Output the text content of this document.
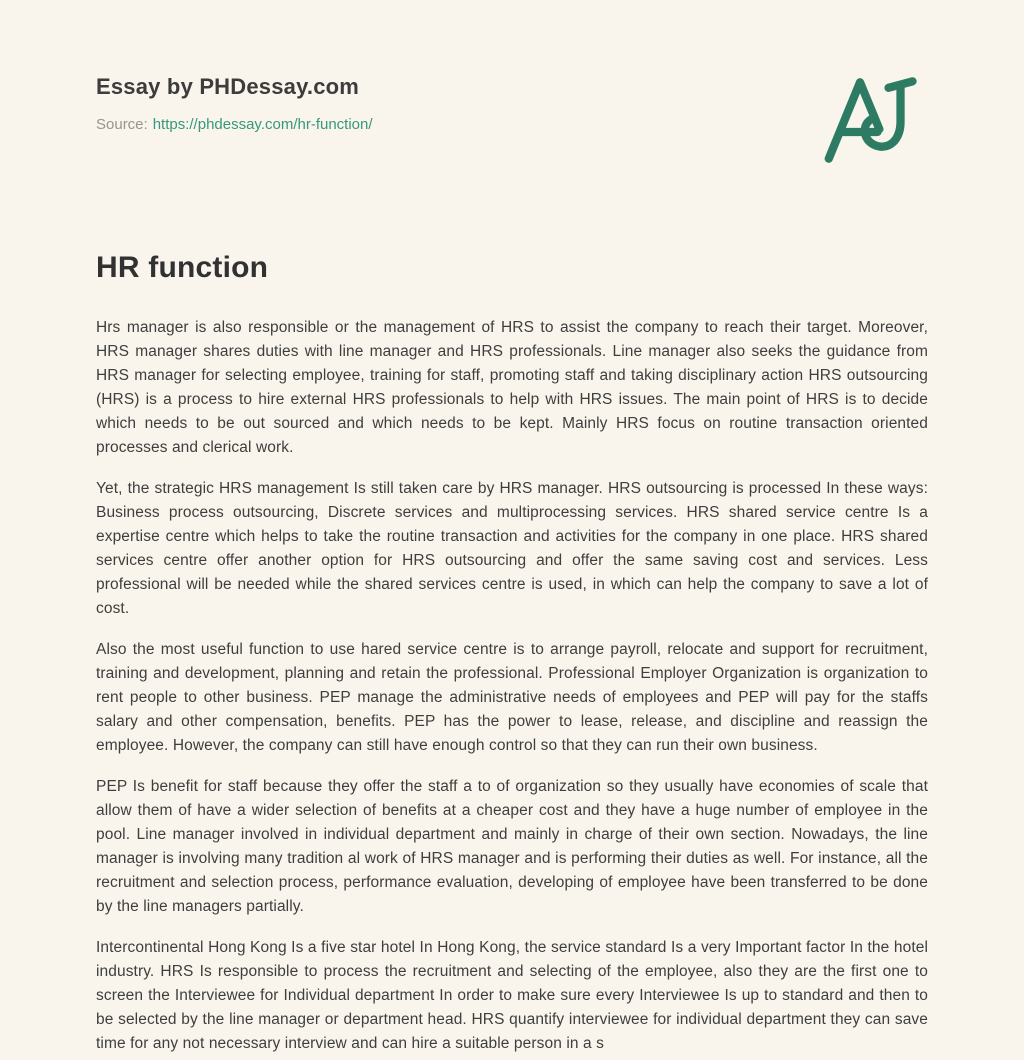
Essay by PHDessay.com
Source: https://phdessay.com/hr-function/
HR function

Hrs manager is also responsible or the management of HRS to assist the company to reach their target. Moreover, HRS manager shares duties with line manager and HRS professionals. Line manager also seeks the guidance from HRS manager for selecting employee, training for staff, promoting staff and taking disciplinary action HRS outsourcing (HRS) is a process to hire external HRS professionals to help with HRS issues. The main point of HRS is to decide which needs to be out sourced and which needs to be kept. Mainly HRS focus on routine transaction oriented processes and clerical work.

Yet, the strategic HRS management Is still taken care by HRS manager. HRS outsourcing is processed In these ways: Business process outsourcing, Discrete services and multiprocessing services. HRS shared service centre Is a expertise centre which helps to take the routine transaction and activities for the company in one place. HRS shared services centre offer another option for HRS outsourcing and offer the same saving cost and services. Less professional will be needed while the shared services centre is used, in which can help the company to save a lot of cost.

Also the most useful function to use hared service centre is to arrange payroll, relocate and support for recruitment, training and development, planning and retain the professional. Professional Employer Organization is organization to rent people to other business. PEP manage the administrative needs of employees and PEP will pay for the staffs salary and other compensation, benefits. PEP has the power to lease, release, and discipline and reassign the employee. However, the company can still have enough control so that they can run their own business.

PEP Is benefit for staff because they offer the staff a to of organization so they usually have economies of scale that allow them of have a wider selection of benefits at a cheaper cost and they have a huge number of employee in the pool. Line manager involved in individual department and mainly in charge of their own section. Nowadays, the line manager is involving many tradition al work of HRS manager and is performing their duties as well. For instance, all the recruitment and selection process, performance evaluation, developing of employee have been transferred to be done by the line managers partially.

Intercontinental Hong Kong Is a five star hotel In Hong Kong, the service standard Is a very Important factor In the hotel industry. HRS Is responsible to process the recruitment and selecting of the employee, also they are the first one to screen the Interviewee for Individual department In order to make sure every Interviewee Is up to standard and then to be selected by the line manager or department head. HRS quantify interviewee for individual department they can save time for any not necessary interview and can hire a suitable person in a s
